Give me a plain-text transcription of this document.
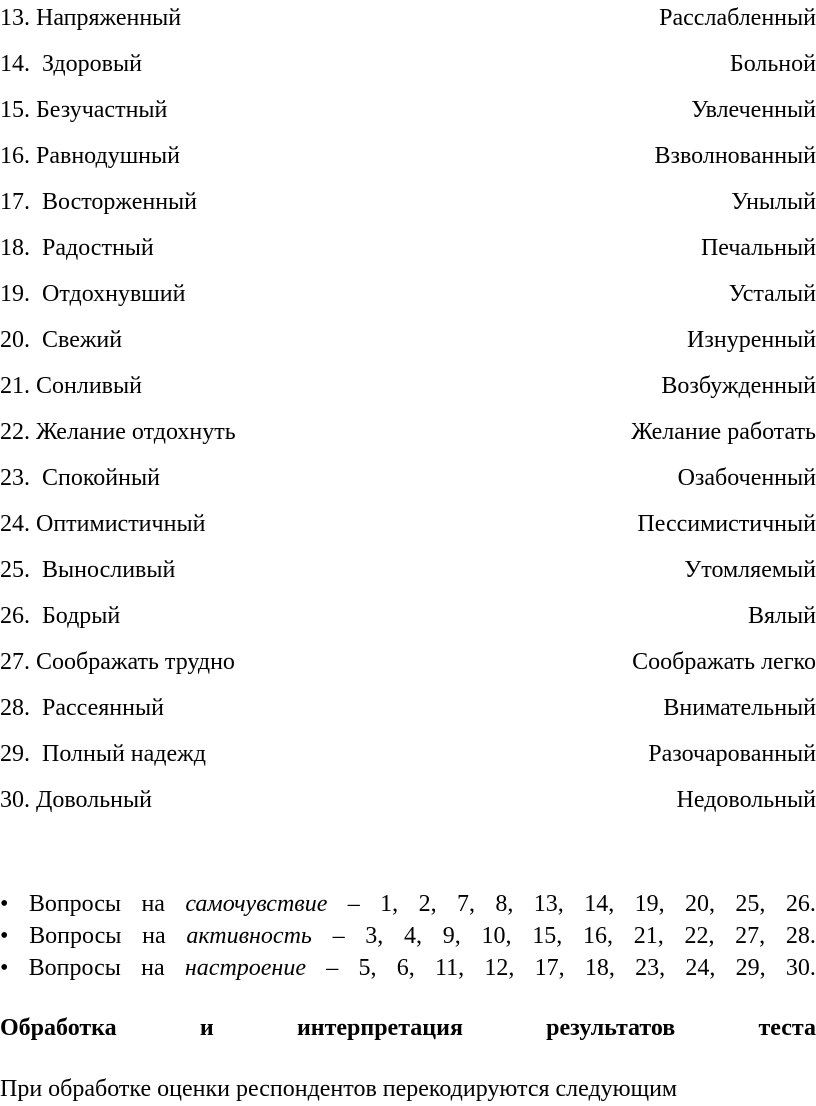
13. Напряженный	Расслабленный
14.  Здоровый	Больной
15. Безучастный	Увлеченный
16. Равнодушный	Взволнованный
17.  Восторженный	Унылый
18.  Радостный	Печальный
19.  Отдохнувший	Усталый
20.  Свежий	Изнуренный
21. Сонливый	Возбужденный
22. Желание отдохнуть	Желание работать
23.  Спокойный	Озабоченный
24. Оптимистичный	Пессимистичный
25.  Выносливый	Утомляемый
26.  Бодрый	Вялый
27. Соображать трудно	Соображать легко
28.  Рассеянный	Внимательный
29.  Полный надежд	Разочарованный
30. Довольный	Недовольный
• Вопросы на самочувствие – 1, 2, 7, 8, 13, 14, 19, 20, 25, 26.
• Вопросы на активность – 3, 4, 9, 10, 15, 16, 21, 22, 27, 28.
• Вопросы на настроение – 5, 6, 11, 12, 17, 18, 23, 24, 29, 30.
Обработка	и	интерпретация	результатов	теста
При обработке оценки респондентов перекодируются следующим
